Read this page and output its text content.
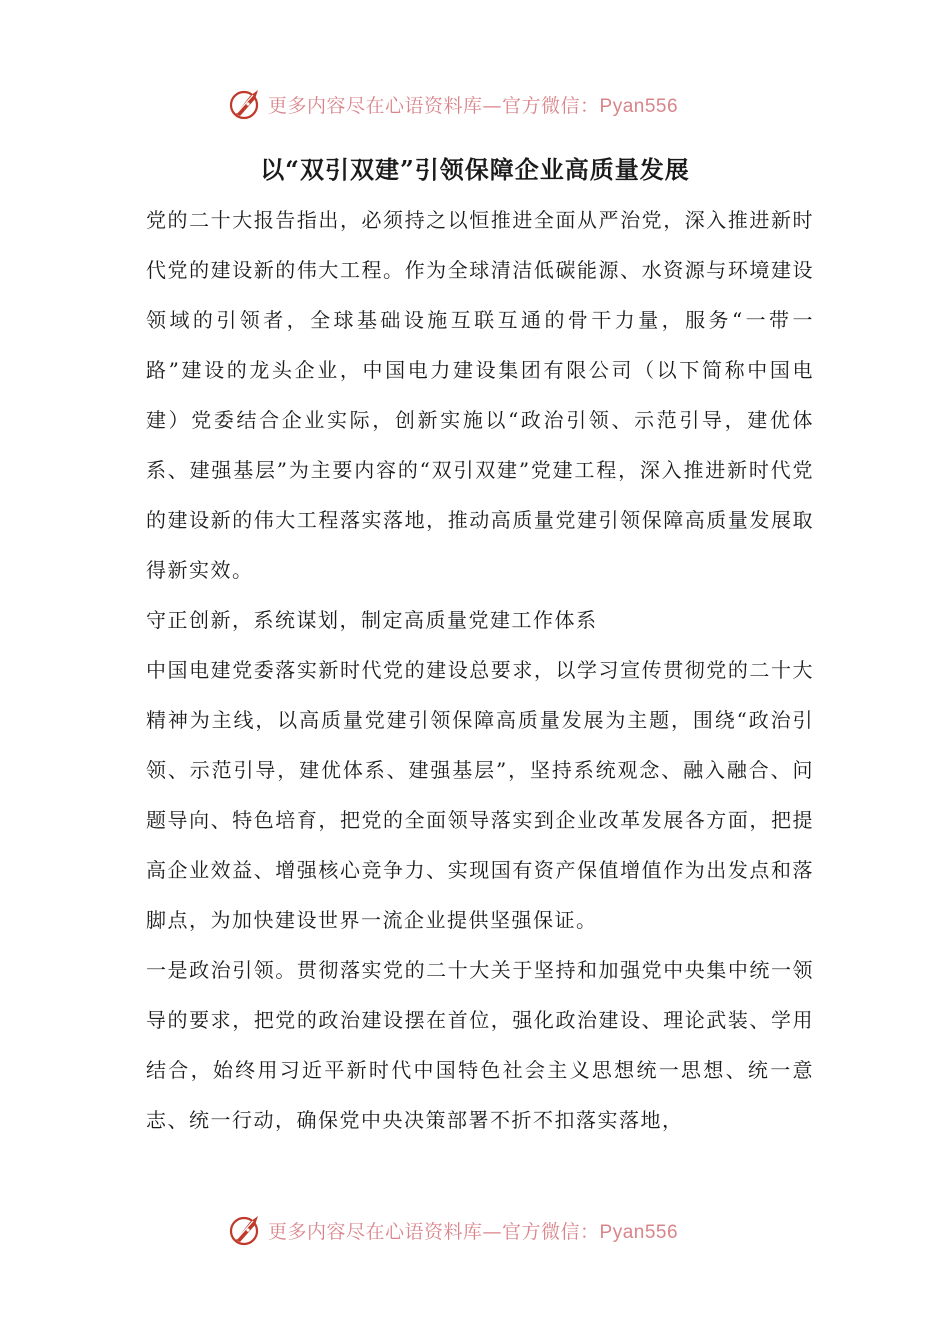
更多内容尽在心语资料库—官方微信：Pyan556
以“双引双建”引领保障企业高质量发展

党的二十大报告指出，必须持之以恒推进全面从严治党，深入推进新时代党的建设新的伟大工程。作为全球清洁低碳能源、水资源与环境建设领域的引领者，全球基础设施互联互通的骨干力量，服务“一带一路”建设的龙头企业，中国电力建设集团有限公司（以下简称中国电建）党委结合企业实际，创新实施以“政治引领、示范引导，建优体系、建强基层”为主要内容的“双引双建”党建工程，深入推进新时代党的建设新的伟大工程落实落地，推动高质量党建引领保障高质量发展取得新实效。

守正创新，系统谋划，制定高质量党建工作体系

中国电建党委落实新时代党的建设总要求，以学习宣传贯彻党的二十大精神为主线，以高质量党建引领保障高质量发展为主题，围绕“政治引领、示范引导，建优体系、建强基层”，坚持系统观念、融入融合、问题导向、特色培育，把党的全面领导落实到企业改革发展各方面，把提高企业效益、增强核心竞争力、实现国有资产保值增值作为出发点和落脚点，为加快建设世界一流企业提供坚强保证。

一是政治引领。贯彻落实党的二十大关于坚持和加强党中央集中统一领导的要求，把党的政治建设摆在首位，强化政治建设、理论武装、学用结合，始终用习近平新时代中国特色社会主义思想统一思想、统一意志、统一行动，确保党中央决策部署不折不扣落实落地，

更多内容尽在心语资料库—官方微信：Pyan556
